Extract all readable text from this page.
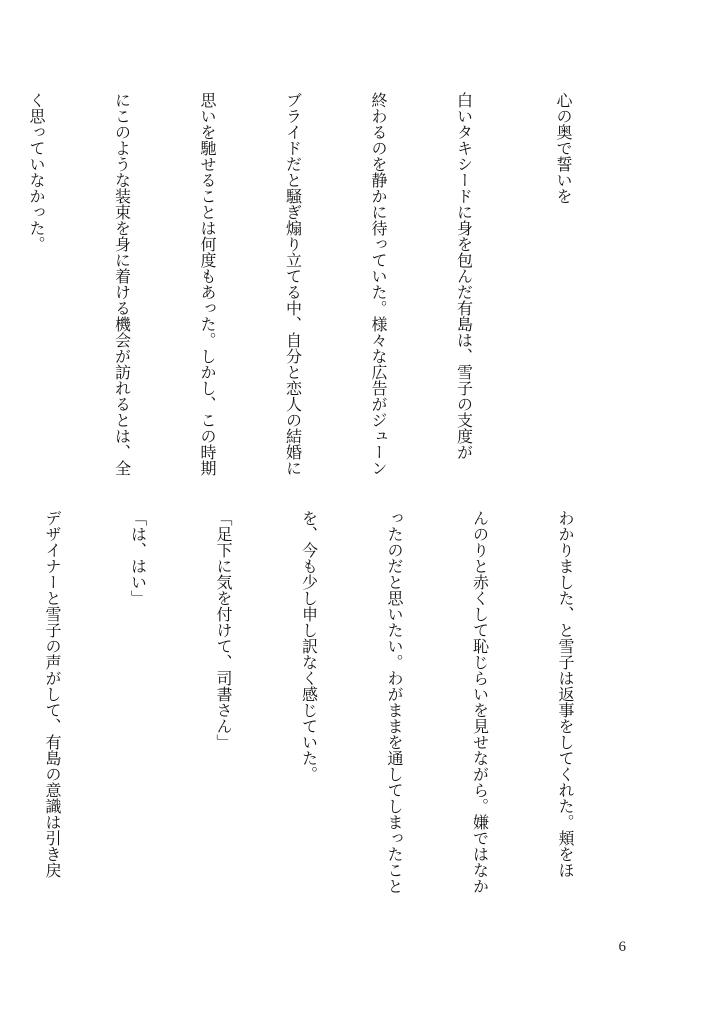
心の奥で誓いを

白いタキシードに身を包んだ有島は、雪子の支度が

終わるのを静かに待っていた。様々な広告がジューン

ブライドだと騒ぎ煽り立てる中、自分と恋人の結婚に

思いを馳せることは何度もあった。しかし、この時期

にこのような装束を身に着ける機会が訪れるとは、全

く思っていなかった。

わかりました、と雪子は返事をしてくれた。頬をほ

んのりと赤くして恥じらいを見せながら。嫌ではなか

ったのだと思いたい。わがままを通してしまったこと

を、今も少し申し訳なく感じていた。

「足下に気を付けて、司書さん」

「は、はい」

デザイナーと雪子の声がして、有島の意識は引き戻

6
